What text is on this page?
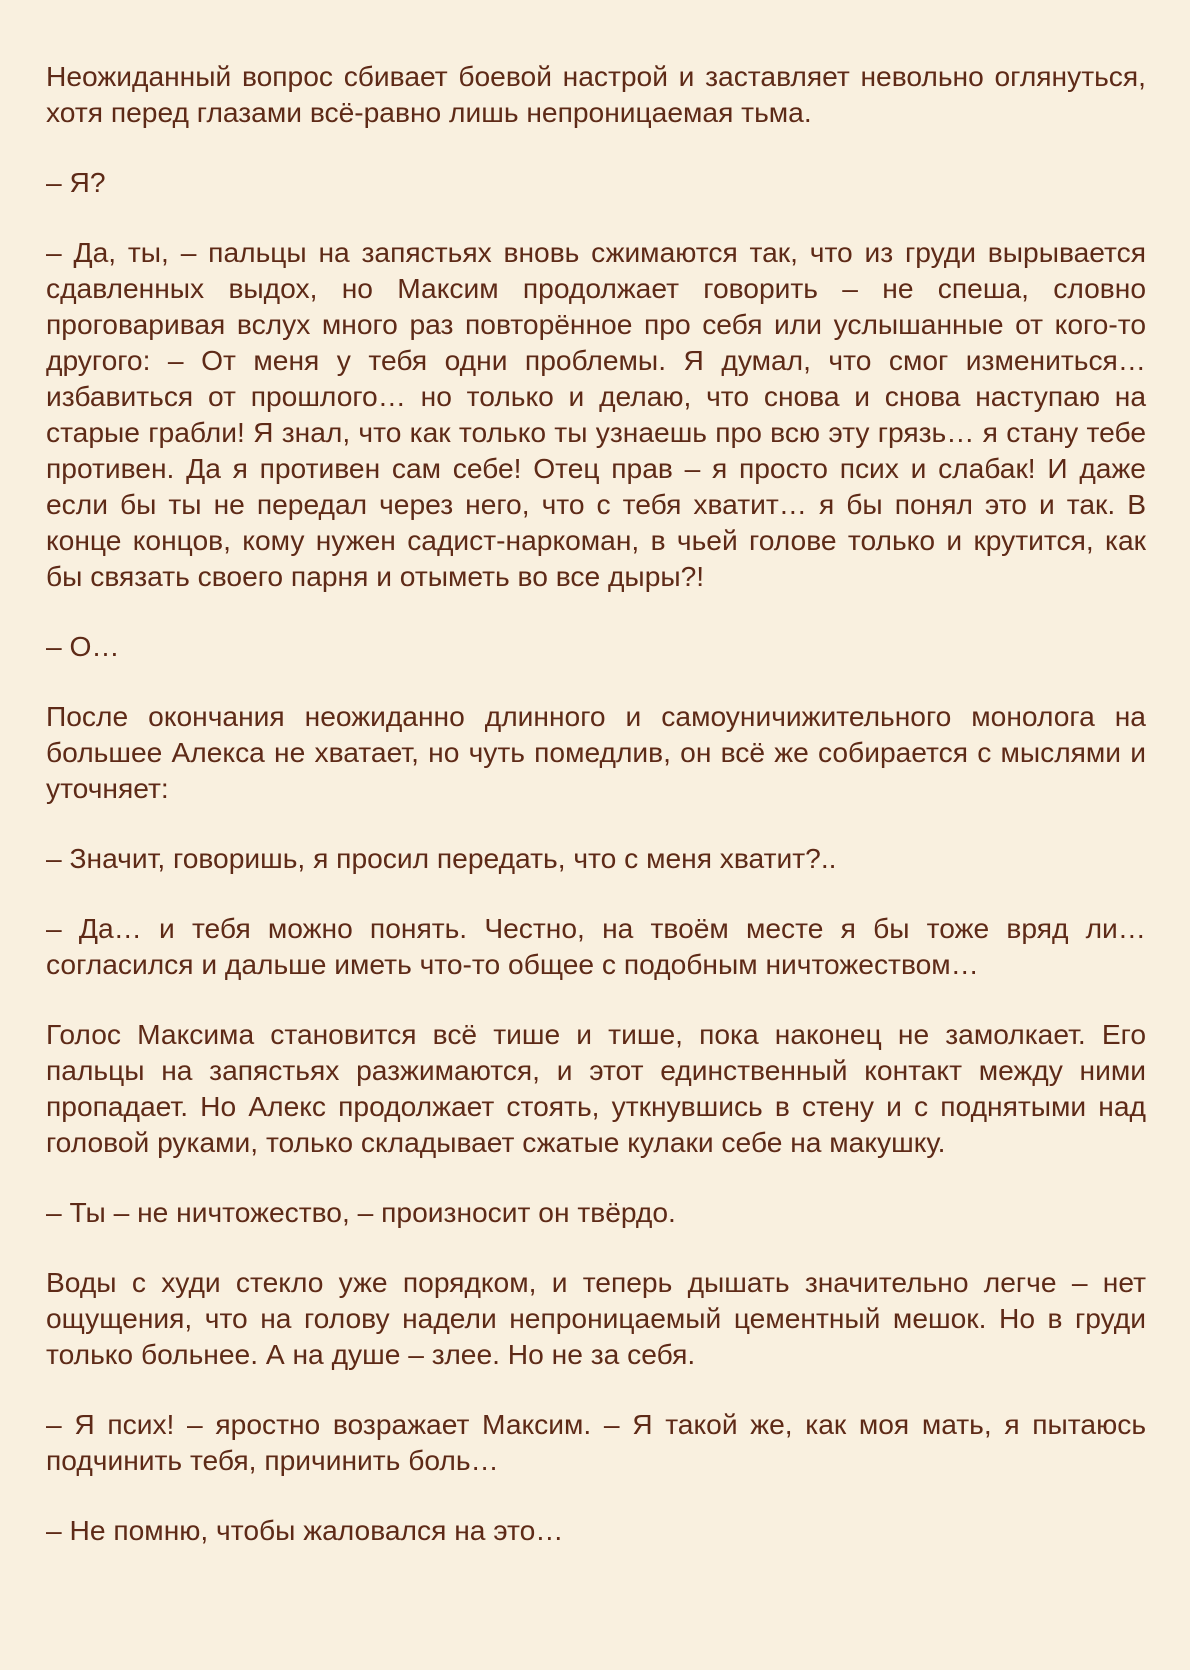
Неожиданный вопрос сбивает боевой настрой и заставляет невольно оглянуться, хотя перед глазами всё-равно лишь непроницаемая тьма.

– Я?

– Да, ты, – пальцы на запястьях вновь сжимаются так, что из груди вырывается сдавленных выдох, но Максим продолжает говорить – не спеша, словно проговаривая вслух много раз повторённое про себя или услышанные от кого-то другого: – От меня у тебя одни проблемы. Я думал, что смог измениться… избавиться от прошлого… но только и делаю, что снова и снова наступаю на старые грабли! Я знал, что как только ты узнаешь про всю эту грязь… я стану тебе противен. Да я противен сам себе! Отец прав – я просто псих и слабак! И даже если бы ты не передал через него, что с тебя хватит… я бы понял это и так. В конце концов, кому нужен садист-наркоман, в чьей голове только и крутится, как бы связать своего парня и отыметь во все дыры?!

– О…

После окончания неожиданно длинного и самоуничижительного монолога на большее Алекса не хватает, но чуть помедлив, он всё же собирается с мыслями и уточняет:

– Значит, говоришь, я просил передать, что с меня хватит?..

– Да… и тебя можно понять. Честно, на твоём месте я бы тоже вряд ли… согласился и дальше иметь что-то общее с подобным ничтожеством…

Голос Максима становится всё тише и тише, пока наконец не замолкает. Его пальцы на запястьях разжимаются, и этот единственный контакт между ними пропадает. Но Алекс продолжает стоять, уткнувшись в стену и с поднятыми над головой руками, только складывает сжатые кулаки себе на макушку.

– Ты – не ничтожество, – произносит он твёрдо.

Воды с худи стекло уже порядком, и теперь дышать значительно легче – нет ощущения, что на голову надели непроницаемый цементный мешок. Но в груди только больнее. А на душе – злее. Но не за себя.

– Я псих! – яростно возражает Максим. – Я такой же, как моя мать, я пытаюсь подчинить тебя, причинить боль…

– Не помню, чтобы жаловался на это…
